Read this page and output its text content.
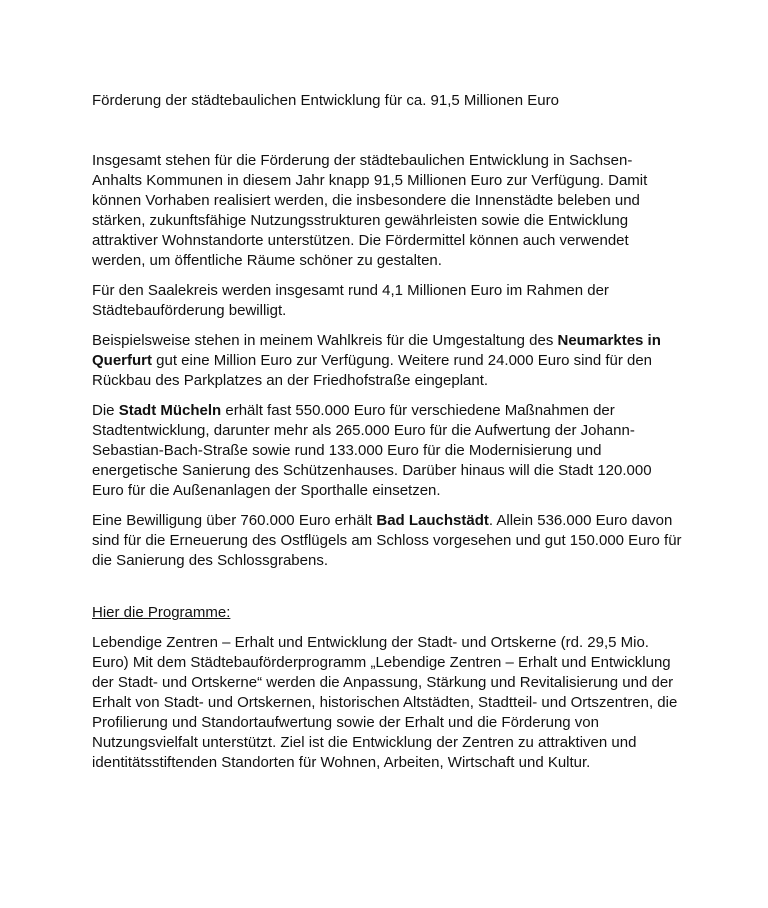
Förderung der städtebaulichen Entwicklung für ca. 91,5 Millionen Euro

Insgesamt stehen für die Förderung der städtebaulichen Entwicklung in Sachsen-Anhalts Kommunen in diesem Jahr knapp 91,5 Millionen Euro zur Verfügung. Damit können Vorhaben realisiert werden, die insbesondere die Innenstädte beleben und stärken, zukunftsfähige Nutzungsstrukturen gewährleisten sowie die Entwicklung attraktiver Wohnstandorte unterstützen. Die Fördermittel können auch verwendet werden, um öffentliche Räume schöner zu gestalten.

Für den Saalekreis werden insgesamt rund 4,1 Millionen Euro im Rahmen der Städtebauförderung bewilligt.

Beispielsweise stehen in meinem Wahlkreis für die Umgestaltung des Neumarktes in Querfurt gut eine Million Euro zur Verfügung. Weitere rund 24.000 Euro sind für den Rückbau des Parkplatzes an der Friedhofstraße eingeplant.

Die Stadt Mücheln erhält fast 550.000 Euro für verschiedene Maßnahmen der Stadtentwicklung, darunter mehr als 265.000 Euro für die Aufwertung der Johann-Sebastian-Bach-Straße sowie rund 133.000 Euro für die Modernisierung und energetische Sanierung des Schützenhauses. Darüber hinaus will die Stadt 120.000 Euro für die Außenanlagen der Sporthalle einsetzen.

Eine Bewilligung über 760.000 Euro erhält Bad Lauchstädt. Allein 536.000 Euro davon sind für die Erneuerung des Ostflügels am Schloss vorgesehen und gut 150.000 Euro für die Sanierung des Schlossgrabens.

Hier die Programme:

Lebendige Zentren – Erhalt und Entwicklung der Stadt- und Ortskerne (rd. 29,5 Mio. Euro) Mit dem Städtebauförderprogramm „Lebendige Zentren – Erhalt und Entwicklung der Stadt- und Ortskerne“ werden die Anpassung, Stärkung und Revitalisierung und der Erhalt von Stadt- und Ortskernen, historischen Altstädten, Stadtteil- und Ortszentren, die Profilierung und Standortaufwertung sowie der Erhalt und die Förderung von Nutzungsvielfalt unterstützt. Ziel ist die Entwicklung der Zentren zu attraktiven und identitätsstiftenden Standorten für Wohnen, Arbeiten, Wirtschaft und Kultur.
